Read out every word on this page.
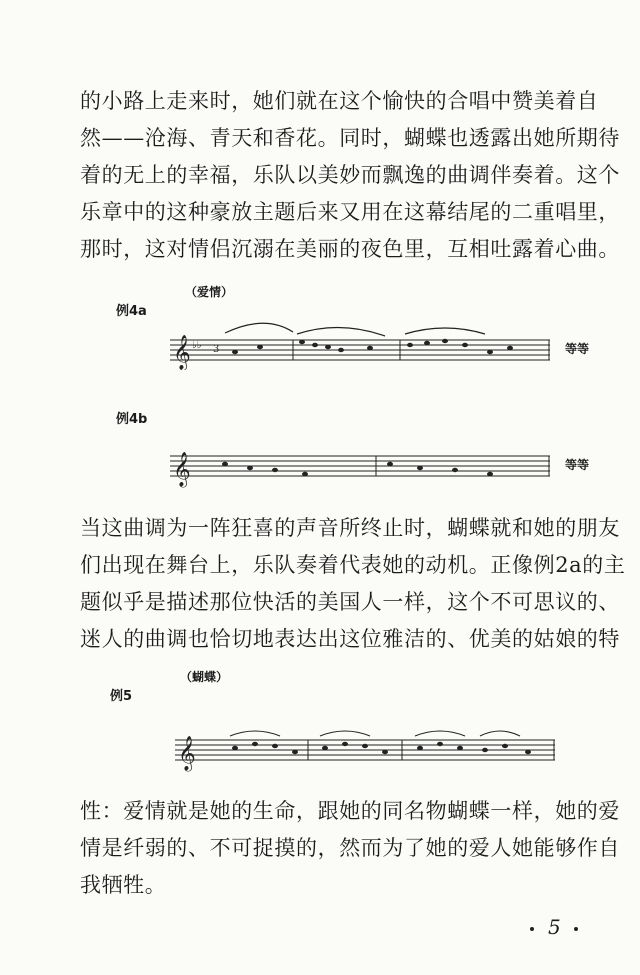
的小路上走来时，她们就在这个愉快的合唱中赞美着自
然——沧海、青天和香花。同时，蝴蝶也透露出她所期待
着的无上的幸福，乐队以美妙而飘逸的曲调伴奏着。这个
乐章中的这种豪放主题后来又用在这幕结尾的二重唱里，
那时，这对情侣沉溺在美丽的夜色里，互相吐露着心曲。
（爱情）
例4a
𝄞 ♭♭ 3	等等
例4b
𝄞	等等
当这曲调为一阵狂喜的声音所终止时，蝴蝶就和她的朋友
们出现在舞台上，乐队奏着代表她的动机。正像例2a的主
题似乎是描述那位快活的美国人一样，这个不可思议的、
迷人的曲调也恰切地表达出这位雅洁的、优美的姑娘的特
（蝴蝶）
例5
𝄞
性：爱情就是她的生命，跟她的同名物蝴蝶一样，她的爱
情是纤弱的、不可捉摸的，然而为了她的爱人她能够作自
我牺牲。
5
